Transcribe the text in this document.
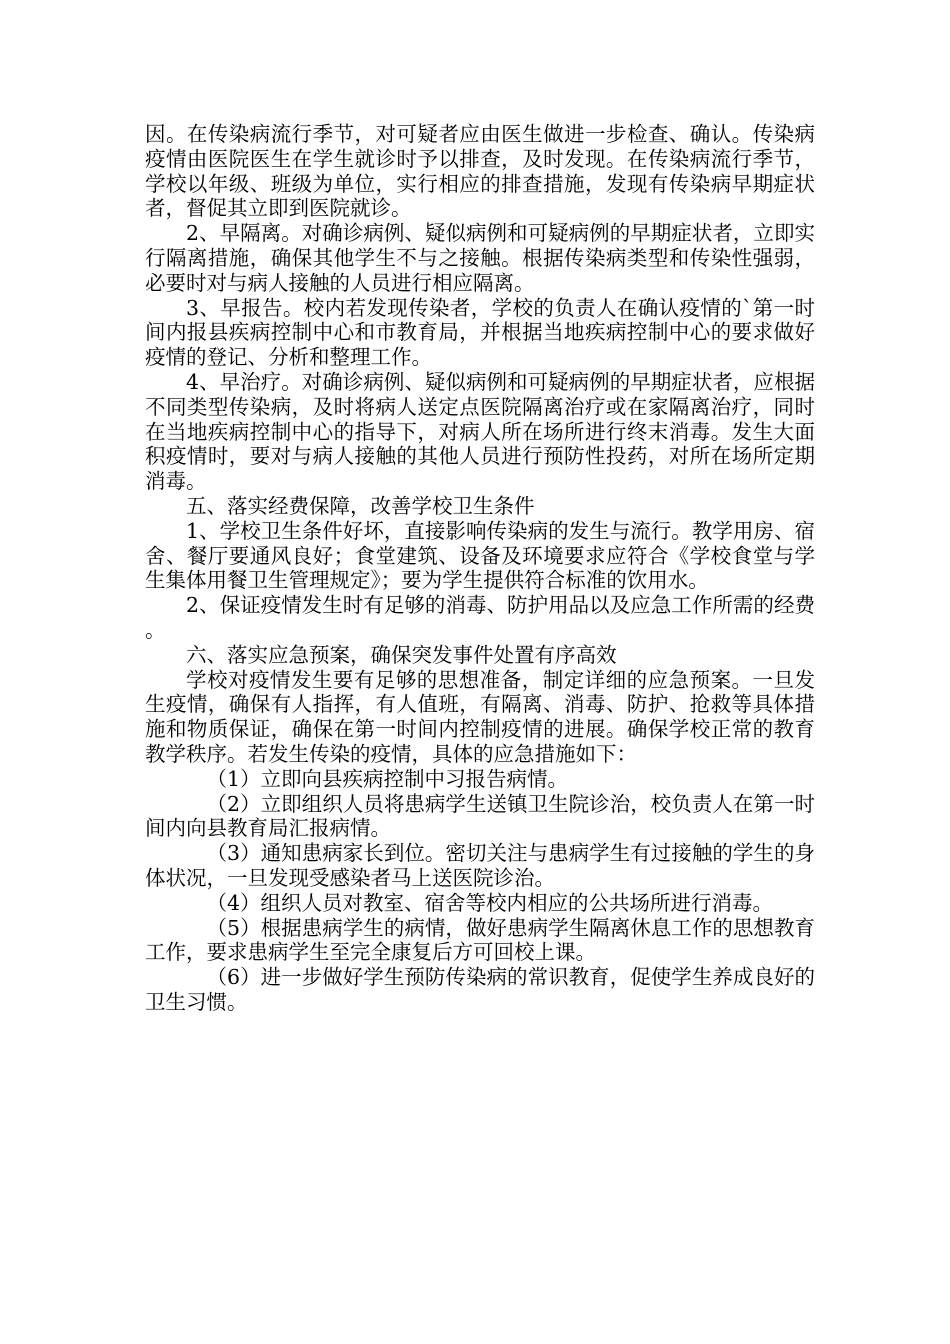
因。在传染病流行季节，对可疑者应由医生做进一步检查、确认。传染病疫情由医院医生在学生就诊时予以排查，及时发现。在传染病流行季节，学校以年级、班级为单位，实行相应的排查措施，发现有传染病早期症状者，督促其立即到医院就诊。

2、早隔离。对确诊病例、疑似病例和可疑病例的早期症状者，立即实行隔离措施，确保其他学生不与之接触。根据传染病类型和传染性强弱，必要时对与病人接触的人员进行相应隔离。

3、早报告。校内若发现传染者，学校的负责人在确认疫情的`第一时间内报县疾病控制中心和市教育局，并根据当地疾病控制中心的要求做好疫情的登记、分析和整理工作。

4、早治疗。对确诊病例、疑似病例和可疑病例的早期症状者，应根据不同类型传染病，及时将病人送定点医院隔离治疗或在家隔离治疗，同时在当地疾病控制中心的指导下，对病人所在场所进行终末消毒。发生大面积疫情时，要对与病人接触的其他人员进行预防性投药，对所在场所定期消毒。

五、落实经费保障，改善学校卫生条件

1、学校卫生条件好坏，直接影响传染病的发生与流行。教学用房、宿舍、餐厅要通风良好；食堂建筑、设备及环境要求应符合《学校食堂与学生集体用餐卫生管理规定》；要为学生提供符合标准的饮用水。

2、保证疫情发生时有足够的消毒、防护用品以及应急工作所需的经费。

六、落实应急预案，确保突发事件处置有序高效

学校对疫情发生要有足够的思想准备，制定详细的应急预案。一旦发生疫情，确保有人指挥，有人值班，有隔离、消毒、防护、抢救等具体措施和物质保证，确保在第一时间内控制疫情的进展。确保学校正常的教育教学秩序。若发生传染的疫情，具体的应急措施如下：

（1）立即向县疾病控制中习报告病情。

（2）立即组织人员将患病学生送镇卫生院诊治，校负责人在第一时间内向县教育局汇报病情。

（3）通知患病家长到位。密切关注与患病学生有过接触的学生的身体状况，一旦发现受感染者马上送医院诊治。

（4）组织人员对教室、宿舍等校内相应的公共场所进行消毒。

（5）根据患病学生的病情，做好患病学生隔离休息工作的思想教育工作，要求患病学生至完全康复后方可回校上课。

（6）进一步做好学生预防传染病的常识教育，促使学生养成良好的卫生习惯。
